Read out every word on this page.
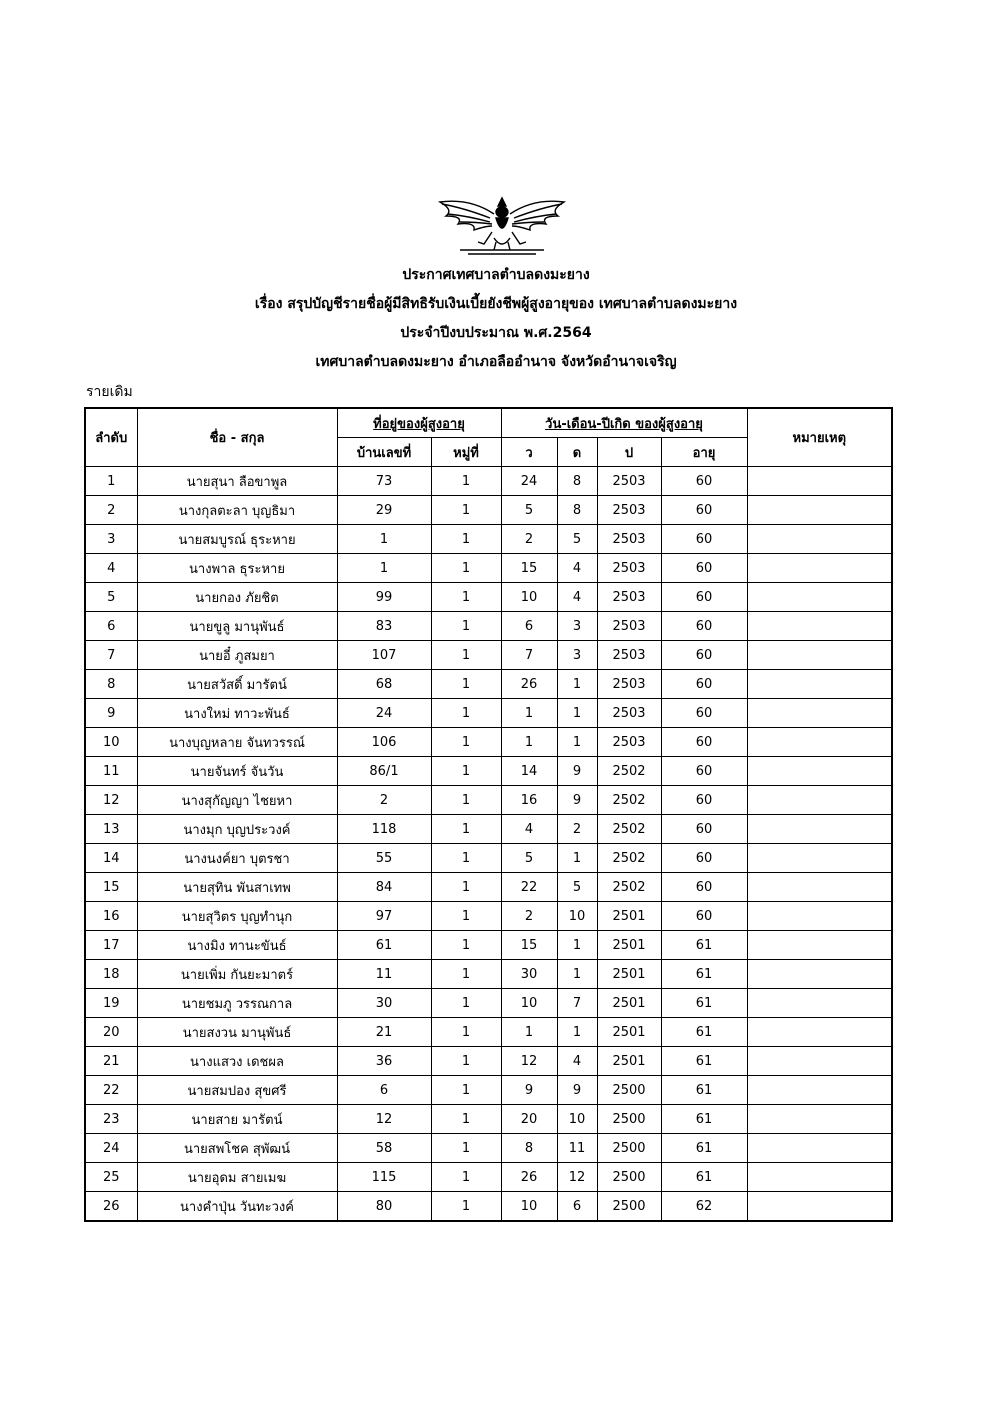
ประกาศเทศบาลตำบลดงมะยาง
เรื่อง สรุปบัญชีรายชื่อผู้มีสิทธิรับเงินเบี้ยยังชีพผู้สูงอายุของ เทศบาลตำบลดงมะยาง
ประจำปีงบประมาณ พ.ศ.2564
เทศบาลตำบลดงมะยาง อำเภอลืออำนาจ จังหวัดอำนาจเจริญ
รายเดิม
ลำดับ	ชื่อ - สกุล	ที่อยู่ของผู้สูงอายุ		วัน-เดือน-ปีเกิด ของผู้สูงอายุ				หมายเหตุ
		บ้านเลขที่	หมู่ที่	ว	ด	ป	อายุ	
1	นายสุนา ลือขาพูล	73	1	24	8	2503	60	
2	นางกุลตะลา บุญธิมา	29	1	5	8	2503	60	
3	นายสมบูรณ์ ธุระหาย	1	1	2	5	2503	60	
4	นางพาล ธุระหาย	1	1	15	4	2503	60	
5	นายกอง ภัยชิต	99	1	10	4	2503	60	
6	นายขูลู มานุพันธ์	83	1	6	3	2503	60	
7	นายอี๋ ภูสมยา	107	1	7	3	2503	60	
8	นายสวัสดิ์ มารัตน์	68	1	26	1	2503	60	
9	นางใหม่ ทาวะพันธ์	24	1	1	1	2503	60	
10	นางบุญหลาย จันทวรรณ์	106	1	1	1	2503	60	
11	นายจันทร์ จันวัน	86/1	1	14	9	2502	60	
12	นางสุกัญญา ไชยหา	2	1	16	9	2502	60	
13	นางมุก บุญประวงค์	118	1	4	2	2502	60	
14	นางนงค์ยา บุตรชา	55	1	5	1	2502	60	
15	นายสุทิน พันสาเทพ	84	1	22	5	2502	60	
16	นายสุวิตร บุญทำนุก	97	1	2	10	2501	60	
17	นางมิง ทานะขันธ์	61	1	15	1	2501	61	
18	นายเพิ่ม กันยะมาตร์	11	1	30	1	2501	61	
19	นายชมภู วรรณกาล	30	1	10	7	2501	61	
20	นายสงวน มานุพันธ์	21	1	1	1	2501	61	
21	นางแสวง เดชผล	36	1	12	4	2501	61	
22	นายสมปอง สุขศรี	6	1	9	9	2500	61	
23	นายสาย มารัตน์	12	1	20	10	2500	61	
24	นายสพโชค สุพัฒน์	58	1	8	11	2500	61	
25	นายอุดม สายเมฆ	115	1	26	12	2500	61	
26	นางคำปุ่น วันทะวงค์	80	1	10	6	2500	62	
